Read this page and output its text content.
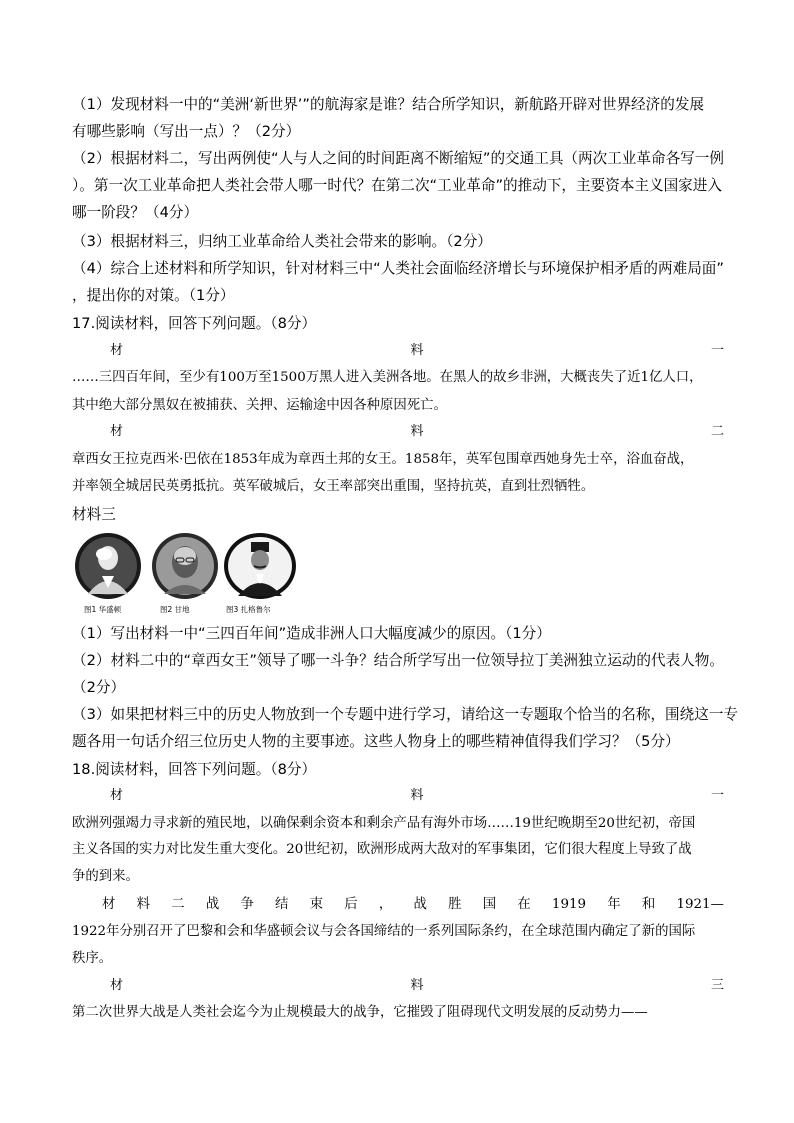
（1）发现材料一中的“美洲‘新世界’”的航海家是谁？结合所学知识，新航路开辟对世界经济的发展
有哪些影响（写出一点）？（2分）
（2）根据材料二，写出两例使“人与人之间的时间距离不断缩短”的交通工具（两次工业革命各写一例
）。第一次工业革命把人类社会带人哪一时代？在第二次“工业革命”的推动下，主要资本主义国家进入
哪一阶段？（4分）
（3）根据材料三，归纳工业革命给人类社会带来的影响。（2分）
（4）综合上述材料和所学知识，针对材料三中“人类社会面临经济增长与环境保护相矛盾的两难局面”
，提出你的对策。（1分）
17.阅读材料，回答下列问题。（8分）
材	料	一
……三四百年间，至少有100万至1500万黑人进入美洲各地。在黑人的故乡非洲，大概丧失了近1亿人口，
其中绝大部分黑奴在被捕获、关押、运输途中因各种原因死亡。
材	料	二
章西女王拉克西米·巴依在1853年成为章西土邦的女王。1858年，英军包围章西她身先士卒，浴血奋战，
并率领全城居民英勇抵抗。英军破城后，女王率部突出重围，坚持抗英，直到壮烈牺牲。
材料三
图1 华盛顿	图2 甘地	图3 扎格鲁尔
（1）写出材料一中“三四百年间”造成非洲人口大幅度减少的原因。（1分）
（2）材料二中的“章西女王”领导了哪一斗争？结合所学写出一位领导拉丁美洲独立运动的代表人物。
（2分）
（3）如果把材料三中的历史人物放到一个专题中进行学习，请给这一专题取个恰当的名称，围绕这一专
题各用一句话介绍三位历史人物的主要事迹。这些人物身上的哪些精神值得我们学习？（5分）
18.阅读材料，回答下列问题。（8分）
材	料	一
欧洲列强竭力寻求新的殖民地，以确保剩余资本和剩余产品有海外市场……19世纪晚期至20世纪初，帝国
主义各国的实力对比发生重大变化。20世纪初，欧洲形成两大敌对的军事集团，它们很大程度上导致了战
争的到来。
材 料 二 战 争 结 束 后 ， 战 胜 国 在 1919 年 和 1921—
1922年分别召开了巴黎和会和华盛顿会议与会各国缔结的一系列国际条约，在全球范围内确定了新的国际
秩序。
材	料	三
第二次世界大战是人类社会迄今为止规模最大的战争，它摧毁了阻碍现代文明发展的反动势力——
